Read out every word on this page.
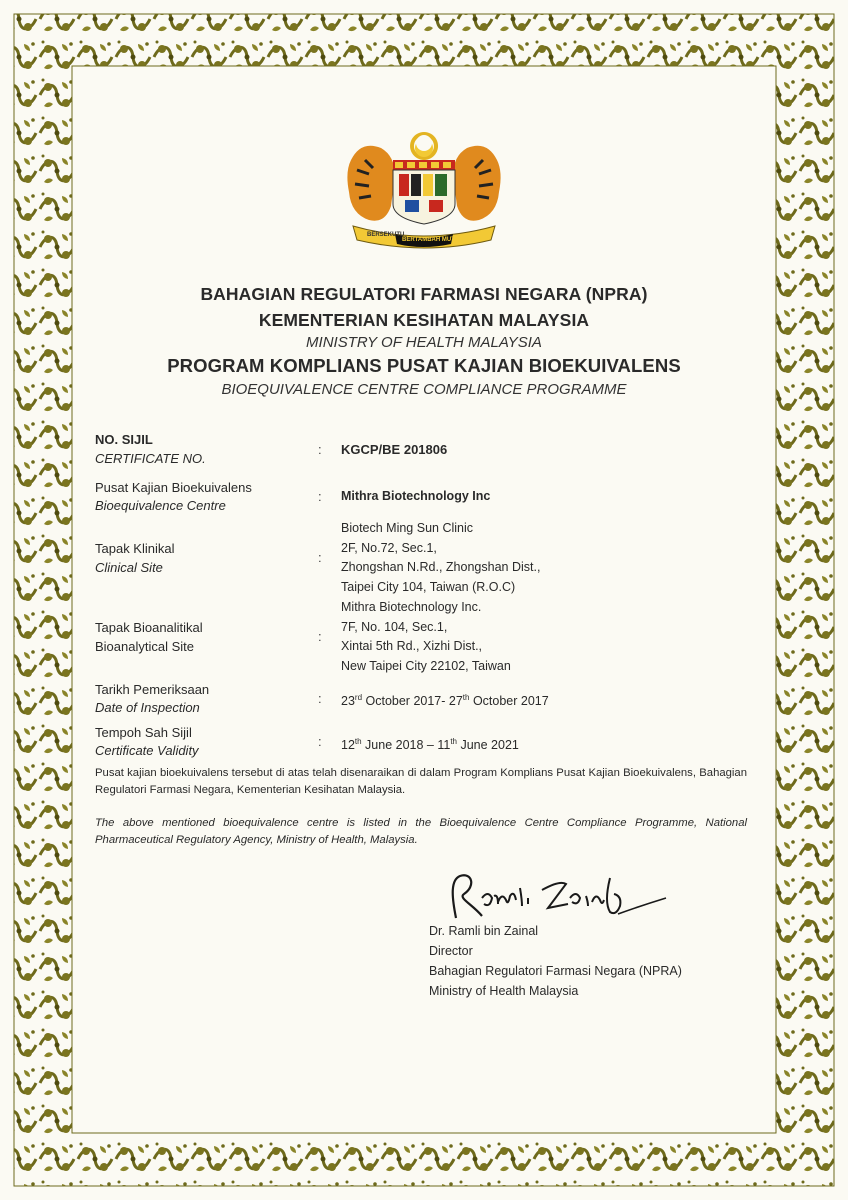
BERSEKUTU
BERTAMBAH MUTU
BAHAGIAN REGULATORI FARMASI NEGARA (NPRA)
KEMENTERIAN KESIHATAN MALAYSIA
MINISTRY OF HEALTH MALAYSIA
PROGRAM KOMPLIANS PUSAT KAJIAN BIOEKUIVALENS
BIOEQUIVALENCE CENTRE COMPLIANCE PROGRAMME
NO. SIJIL
CERTIFICATE NO.
: KGCP/BE 201806
Pusat Kajian Bioekuivalens
Bioequivalence Centre
: Mithra Biotechnology Inc
Tapak Klinikal
Clinical Site
:
Biotech Ming Sun Clinic
2F, No.72, Sec.1,
Zhongshan N.Rd., Zhongshan Dist.,
Taipei City 104, Taiwan (R.O.C)
Tapak Bioanalitikal
Bioanalytical Site
:
Mithra Biotechnology Inc.
7F, No. 104, Sec.1,
Xintai 5th Rd., Xizhi Dist.,
New Taipei City 22102, Taiwan
Tarikh Pemeriksaan
Date of Inspection
: 23rd October 2017- 27th October 2017
Tempoh Sah Sijil
Certificate Validity
: 12th June 2018 – 11th June 2021
Pusat kajian bioekuivalens tersebut di atas telah disenaraikan di dalam Program Komplians Pusat Kajian Bioekuivalens, Bahagian Regulatori Farmasi Negara, Kementerian Kesihatan Malaysia.
The above mentioned bioequivalence centre is listed in the Bioequivalence Centre Compliance Programme, National Pharmaceutical Regulatory Agency, Ministry of Health, Malaysia.
Dr. Ramli bin Zainal
Director
Bahagian Regulatori Farmasi Negara (NPRA)
Ministry of Health Malaysia
